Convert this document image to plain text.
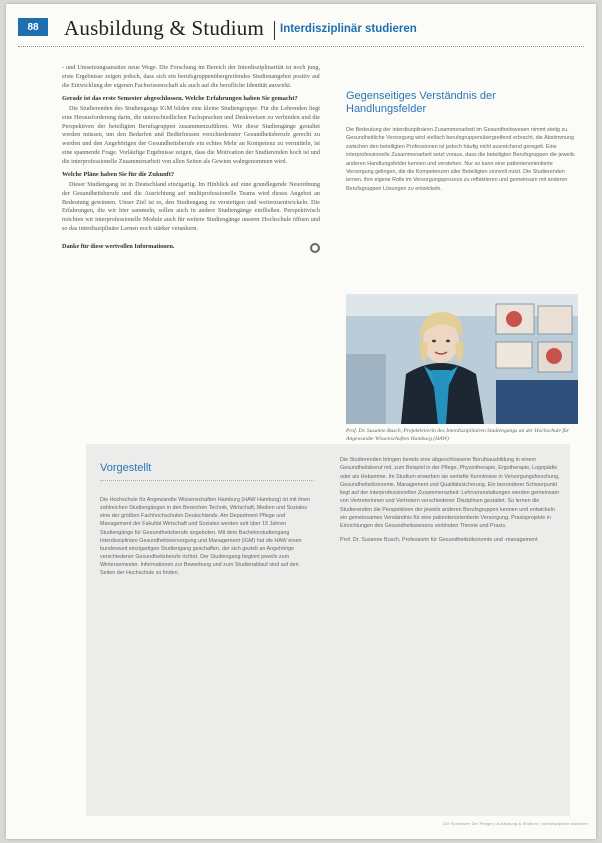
88	Ausbildung & Studium Interdisziplinär studieren

- und Umsetzungsansätze neue Wege. Die Forschung im Bereich der Interdisziplinarität ist noch jung, erste Ergebnisse zeigen jedoch, dass sich ein berufsgruppenübergreifendes Studienangebot positiv auf die Entwicklung der eigenen Fachwissenschaft als auch auf die berufliche Identität auswirkt.

Gerade ist das erste Semester abgeschlossen. Welche Erfahrungen haben Sie gemacht?

Die Studierenden des Studiengangs IGM bilden eine kleine Studiengruppe. Für die Lehrenden liegt eine Herausforderung darin, die unterschiedlichen Fachsprachen und Denkweisen zu verbinden und die Perspektiven der beteiligten Berufsgruppen zusammenzuführen. Wie diese Studiengänge gestaltet werden müssen, um den Bedarfen und Bedürfnissen verschiedenster Gesundheitsberufe gerecht zu werden und den Angehörigen der Gesundheitsberufe ein echtes Mehr an Kompetenz zu vermitteln, ist eine spannende Frage. Vorläufige Ergebnisse zeigen, dass die Motivation der Studierenden hoch ist und die interprofessionelle Zusammenarbeit von allen Seiten als Gewinn wahrgenommen wird.

Welche Pläne haben Sie für die Zukunft?

Dieser Studiengang ist in Deutschland einzigartig. Im Hinblick auf eine grundlegende Neuordnung der Gesundheitsberufe und die Ausrichtung auf multiprofessionelle Teams wird dieses Angebot an Bedeutung gewinnen. Unser Ziel ist es, den Studiengang zu verstetigen und weiterzuentwickeln. Die Erfahrungen, die wir hier sammeln, sollen auch in andere Studiengänge einfließen. Perspektivisch möchten wir interprofessionelle Module auch für weitere Studiengänge unserer Hochschule öffnen und so das interdisziplinäre Lernen noch stärker verankern.

Danke für diese wertvollen Informationen.
Gegenseitiges Verständnis der Handlungsfelder

Die Bedeutung der interdisziplinären Zusammenarbeit im Gesundheitswesen nimmt stetig zu. Gesundheitliche Versorgung wird vielfach berufsgruppenübergreifend erbracht, die Abstimmung zwischen den beteiligten Professionen ist jedoch häufig nicht ausreichend geregelt. Eine interprofessionelle Zusammenarbeit setzt voraus, dass die beteiligten Berufsgruppen die jeweils anderen Handlungsfelder kennen und verstehen. Nur so kann eine patientenorientierte Versorgung gelingen, die die Kompetenzen aller Beteiligten sinnvoll nutzt. Die Studierenden lernen, ihre eigene Rolle im Versorgungsprozess zu reflektieren und gemeinsam mit anderen Berufsgruppen Lösungen zu entwickeln.

Prof. Dr. Susanne Busch, Projektleiterin des Interdisziplinären Studiengangs an der Hochschule für Angewandte Wissenschaften Hamburg (HAW)
Vorgestellt

Die Hochschule für Angewandte Wissenschaften Hamburg (HAW Hamburg) ist mit ihren zahlreichen Studiengängen in den Bereichen Technik, Wirtschaft, Medien und Soziales eine der größten Fachhochschulen Deutschlands. Am Department Pflege und Management der Fakultät Wirtschaft und Soziales werden seit über 15 Jahren Studiengänge für Gesundheitsberufe angeboten. Mit dem Bachelorstudiengang Interdisziplinäre Gesundheitsversorgung und Management (IGM) hat die HAW einen bundesweit einzigartigen Studiengang geschaffen, der sich gezielt an Angehörige verschiedener Gesundheitsberufe richtet. Der Studiengang beginnt jeweils zum Wintersemester. Informationen zur Bewerbung und zum Studienablauf sind auf den Seiten der Hochschule zu finden.

Die Studierenden bringen bereits eine abgeschlossene Berufsausbildung in einem Gesundheitsberuf mit, zum Beispiel in der Pflege, Physiotherapie, Ergotherapie, Logopädie oder als Hebamme. Im Studium erwerben sie vertiefte Kenntnisse in Versorgungsforschung, Gesundheitsökonomie, Management und Qualitätssicherung. Ein besonderer Schwerpunkt liegt auf der interprofessionellen Zusammenarbeit: Lehrveranstaltungen werden gemeinsam von Vertreterinnen und Vertretern verschiedener Disziplinen gestaltet. So lernen die Studierenden die Perspektiven der jeweils anderen Berufsgruppen kennen und entwickeln ein gemeinsames Verständnis für eine patientenorientierte Versorgung. Praxisprojekte in Einrichtungen des Gesundheitswesens verbinden Theorie und Praxis.

Prof. Dr. Susanne Busch, Professorin für Gesundheitsökonomie und -management

Die Schwester Der Pfleger | Ausbildung & Studium | Interdisziplinär studieren
